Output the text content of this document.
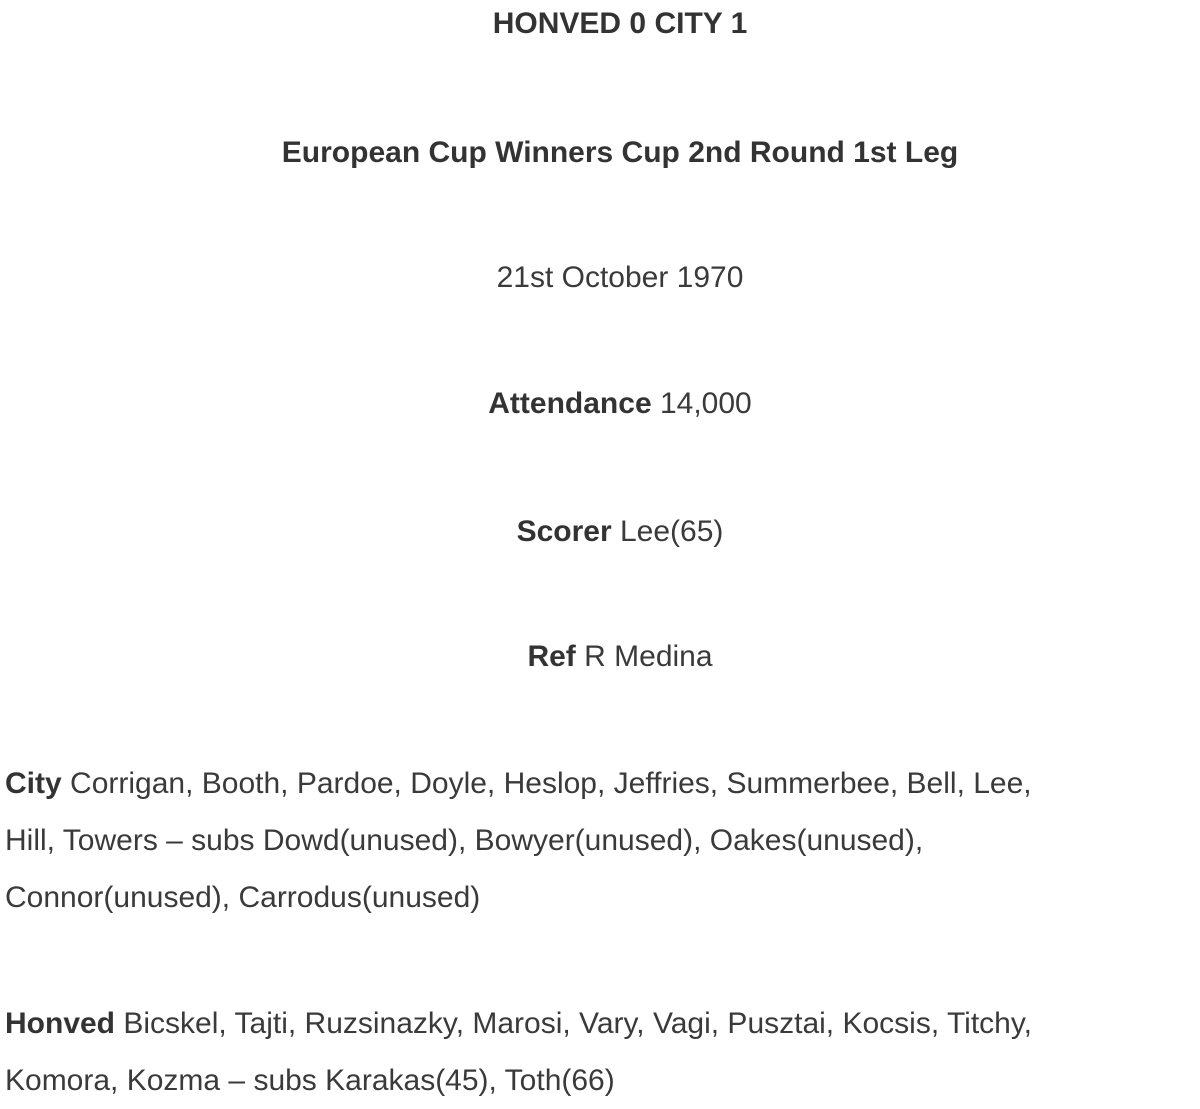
HONVED 0 CITY 1
European Cup Winners Cup 2nd Round 1st Leg
21st October 1970
Attendance 14,000
Scorer Lee(65)
Ref R Medina
City Corrigan, Booth, Pardoe, Doyle, Heslop, Jeffries, Summerbee, Bell, Lee,
Hill, Towers – subs Dowd(unused), Bowyer(unused), Oakes(unused),
Connor(unused), Carrodus(unused)
Honved Bicskel, Tajti, Ruzsinazky, Marosi, Vary, Vagi, Pusztai, Kocsis, Titchy,
Komora, Kozma – subs Karakas(45), Toth(66)
